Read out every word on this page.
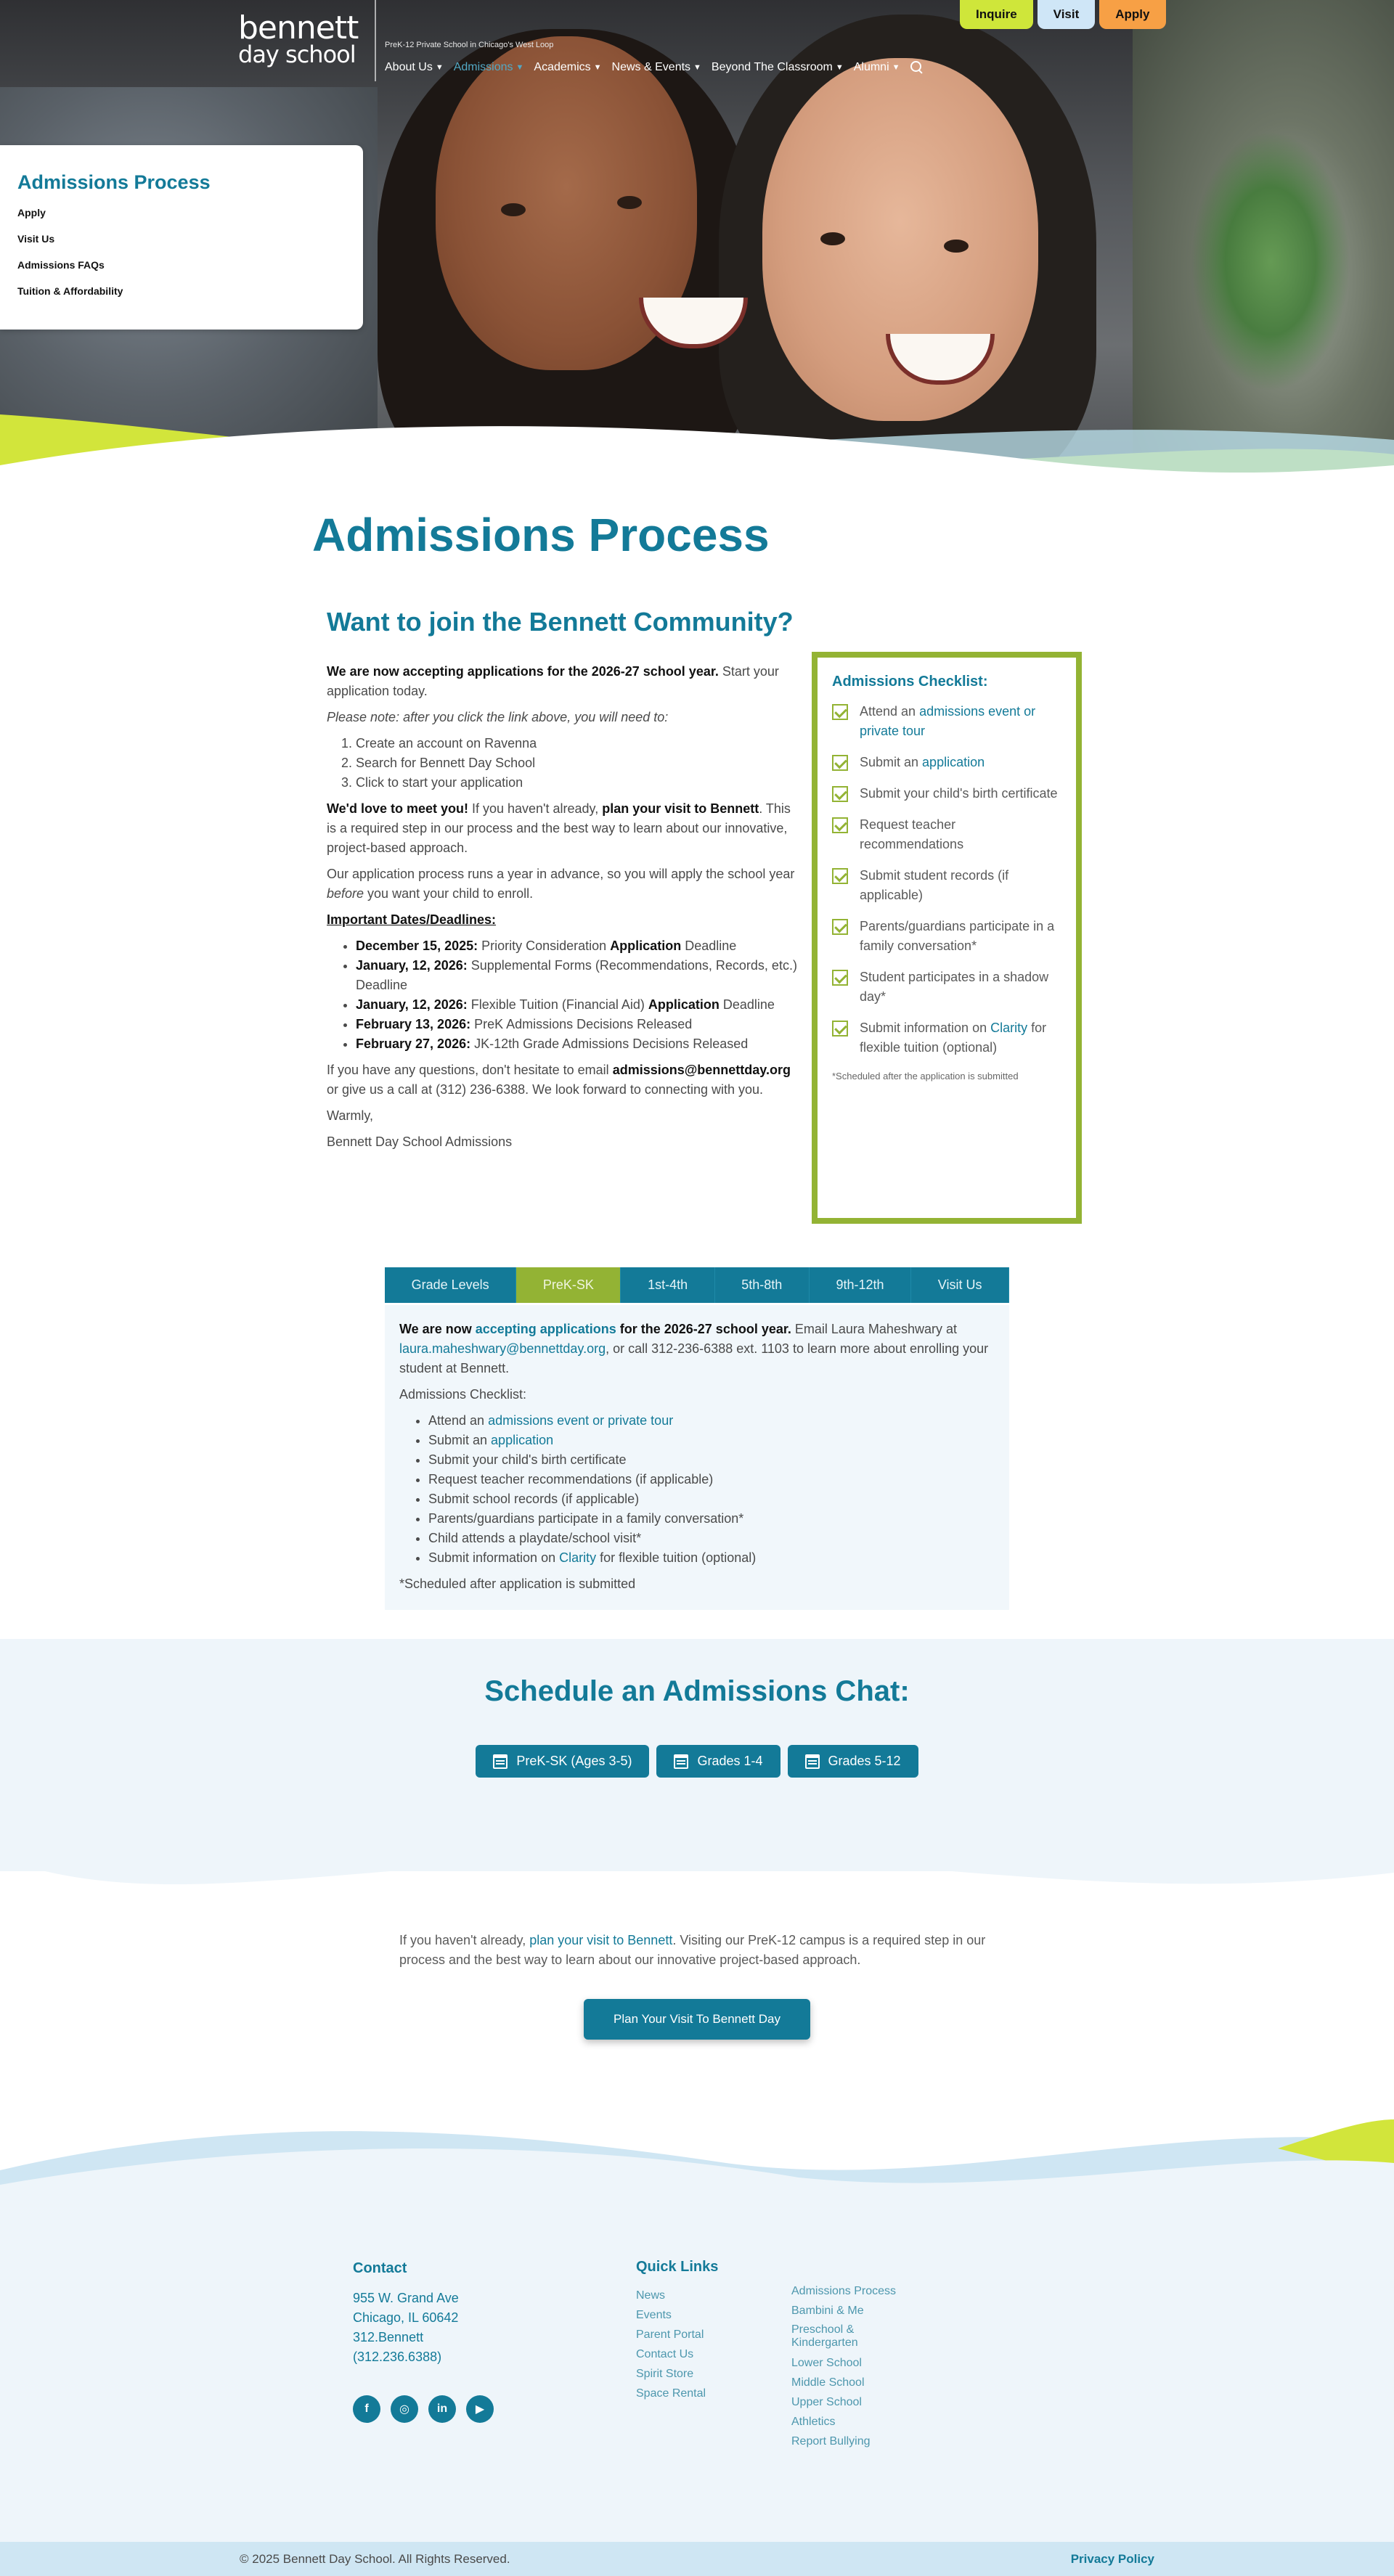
Inquire	Visit	Apply
bennett
day school	PreK-12 Private School in Chicago's West Loop
About Us ▼ Admissions ▼ Academics ▼ News & Events ▼ Beyond The Classroom ▼ Alumni ▼
Admissions Process
Apply
Visit Us
Admissions FAQs
Tuition & Affordability
Admissions Process
Want to join the Bennett Community?

We are now accepting applications for the 2026-27 school year. Start your application today.

Please note: after you click the link above, you will need to:

1. Create an account on Ravenna
2. Search for Bennett Day School
3. Click to start your application

We'd love to meet you! If you haven't already, plan your visit to Bennett. This is a required step in our process and the best way to learn about our innovative, project-based approach.

Our application process runs a year in advance, so you will apply the school year before you want your child to enroll.

Important Dates/Deadlines:

• December 15, 2025: Priority Consideration Application Deadline
• January, 12, 2026: Supplemental Forms (Recommendations, Records, etc.) Deadline
• January, 12, 2026: Flexible Tuition (Financial Aid) Application Deadline
• February 13, 2026: PreK Admissions Decisions Released
• February 27, 2026: JK-12th Grade Admissions Decisions Released

If you have any questions, don't hesitate to email admissions@bennettday.org or give us a call at (312) 236-6388. We look forward to connecting with you.

Warmly,

Bennett Day School Admissions

Admissions Checklist:
Attend an admissions event or private tour
Submit an application
Submit your child's birth certificate
Request teacher recommendations
Submit student records (if applicable)
Parents/guardians participate in a family conversation*
Student participates in a shadow day*
Submit information on Clarity for flexible tuition (optional)
*Scheduled after the application is submitted
Grade Levels	PreK-SK	1st-4th	5th-8th	9th-12th	Visit Us

We are now accepting applications for the 2026-27 school year. Email Laura Maheshwary at laura.maheshwary@bennettday.org, or call 312-236-6388 ext. 1103 to learn more about enrolling your student at Bennett.

Admissions Checklist:

• Attend an admissions event or private tour
• Submit an application
• Submit your child's birth certificate
• Request teacher recommendations (if applicable)
• Submit school records (if applicable)
• Parents/guardians participate in a family conversation*
• Child attends a playdate/school visit*
• Submit information on Clarity for flexible tuition (optional)

*Scheduled after application is submitted

Schedule an Admissions Chat:
PreK-SK (Ages 3-5)	Grades 1-4	Grades 5-12

If you haven't already, plan your visit to Bennett. Visiting our PreK-12 campus is a required step in our process and the best way to learn about our innovative project-based approach.

Plan Your Visit To Bennett Day
Contact
955 W. Grand Ave
Chicago, IL 60642
312.Bennett
(312.236.6388)
f	◎	in	▶
Quick Links
News
Events
Parent Portal
Contact Us
Spirit Store
Space Rental
Admissions Process
Bambini & Me
Preschool & Kindergarten
Lower School
Middle School
Upper School
Athletics
Report Bullying
© 2025 Bennett Day School. All Rights Reserved.	Privacy Policy
